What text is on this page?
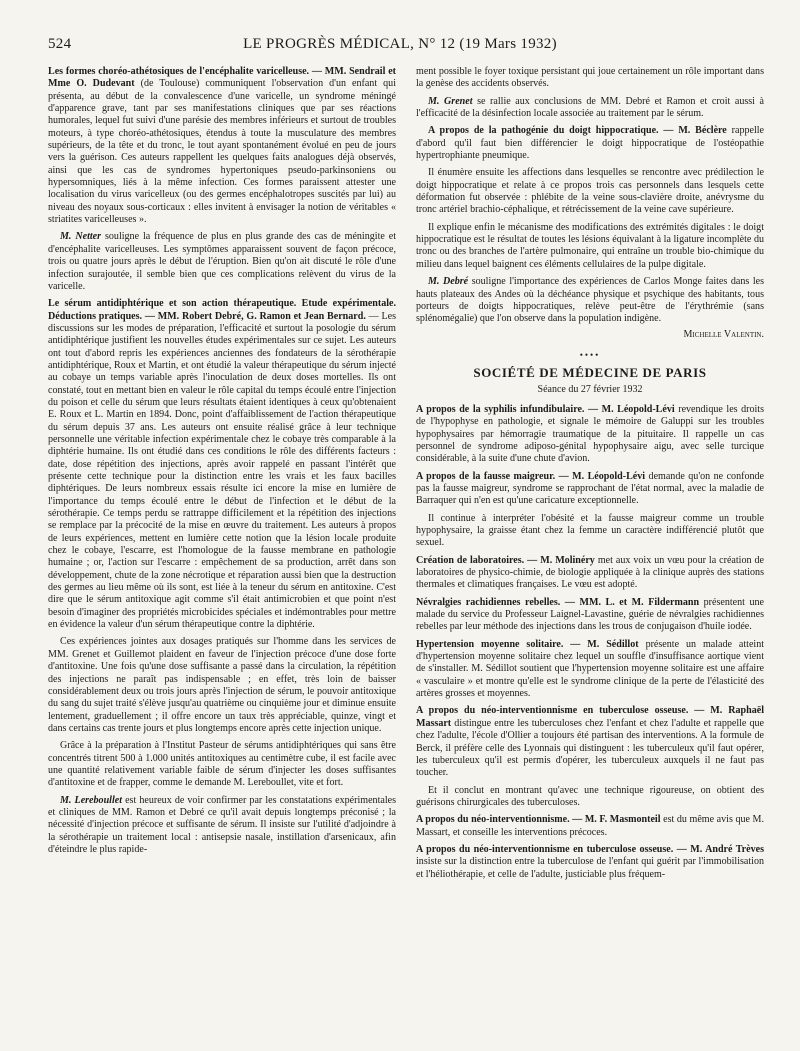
524	LE PROGRÈS MÉDICAL, N° 12 (19 Mars 1932)

Les formes choréo-athétosiques de l'encéphalite varicelleuse. — MM. Sendrail et Mme O. Dudevant (de Toulouse) communiquent l'observation d'un enfant qui présenta, au début de la convalescence d'une varicelle, un syndrome méningé d'apparence grave, tant par ses manifestations cliniques que par ses réactions humorales, lequel fut suivi d'une parésie des membres inférieurs et surtout de troubles moteurs, à type choréo-athétosiques, étendus à toute la musculature des membres supérieurs, de la tête et du tronc, le tout ayant spontanément évolué en peu de jours vers la guérison. Ces auteurs rappellent les quelques faits analogues déjà observés, ainsi que les cas de syndromes hypertoniques pseudo-parkinsoniens ou hypersomniques, liés à la même infection. Ces formes paraissent attester une localisation du virus varicelleux (ou des germes encéphalotropes suscités par lui) au niveau des noyaux sous-corticaux : elles invitent à envisager la notion de véritables « striatites varicelleuses ».

M. Netter souligne la fréquence de plus en plus grande des cas de méningite et d'encéphalite varicelleuses. Les symptômes apparaissent souvent de façon précoce, trois ou quatre jours après le début de l'éruption. Bien qu'on ait discuté le rôle d'une infection surajoutée, il semble bien que ces complications relèvent du virus de la varicelle.

Le sérum antidiphtérique et son action thérapeutique. Etude expérimentale. Déductions pratiques. — MM. Robert Debré, G. Ramon et Jean Bernard. — Les discussions sur les modes de préparation, l'efficacité et surtout la posologie du sérum antidiphtérique justifient les nouvelles études expérimentales sur ce sujet. Les auteurs ont tout d'abord repris les expériences anciennes des fondateurs de la sérothérapie antidiphtérique, Roux et Martin, et ont étudié la valeur thérapeutique du sérum injecté au cobaye un temps variable après l'inoculation de deux doses mortelles. Ils ont constaté, tout en mettant bien en valeur le rôle capital du temps écoulé entre l'injection du poison et celle du sérum que leurs résultats étaient identiques à ceux qu'obtenaient E. Roux et L. Martin en 1894. Donc, point d'affaiblissement de l'action thérapeutique du sérum depuis 37 ans. Les auteurs ont ensuite réalisé grâce à leur technique personnelle une véritable infection expérimentale chez le cobaye très comparable à la diphtérie humaine. Ils ont étudié dans ces conditions le rôle des différents facteurs : date, dose répétition des injections, après avoir rappelé en passant l'intérêt que présente cette technique pour la distinction entre les vrais et les faux bacilles diphtériques. De leurs nombreux essais résulte ici encore la mise en lumière de l'importance du temps écoulé entre le début de l'infection et le début de la sérothérapie. Ce temps perdu se rattrappe difficilement et la répétition des injections se remplace par la précocité de la mise en œuvre du traitement. Les auteurs à propos de leurs expériences, mettent en lumière cette notion que la lésion locale produite chez le cobaye, l'escarre, est l'homologue de la fausse membrane en pathologie humaine ; or, l'action sur l'escarre : empêchement de sa production, arrêt dans son développement, chute de la zone nécrotique et réparation aussi bien que la destruction des germes au lieu même où ils sont, est liée à la teneur du sérum en antitoxine. C'est dire que le sérum antitoxique agit comme s'il était antimicrobien et que point n'est besoin d'imaginer des propriétés microbicides spéciales et indémontrables pour mettre en évidence la valeur d'un sérum thérapeutique contre la diphtérie.

Ces expériences jointes aux dosages pratiqués sur l'homme dans les services de MM. Grenet et Guillemot plaident en faveur de l'injection précoce d'une dose forte d'antitoxine. Une fois qu'une dose suffisante a passé dans la circulation, la répétition des injections ne paraît pas indispensable ; en effet, très loin de baisser considérablement deux ou trois jours après l'injection de sérum, le pouvoir antitoxique du sang du sujet traité s'élève jusqu'au quatrième ou cinquième jour et diminue ensuite lentement, graduellement ; il offre encore un taux très appréciable, quinze, vingt et dans certains cas trente jours et plus longtemps encore après cette injection unique.

Grâce à la préparation à l'Institut Pasteur de sérums antidiphtériques qui sans être concentrés titrent 500 à 1.000 unités antitoxiques au centimètre cube, il est facile avec une quantité relativement variable faible de sérum d'injecter les doses suffisantes d'antitoxine et de frapper, comme le demande M. Lereboullet, vite et fort.

M. Lereboullet est heureux de voir confirmer par les constatations expérimentales et cliniques de MM. Ramon et Debré ce qu'il avait depuis longtemps préconisé ; la nécessité d'injection précoce et suffisante de sérum. Il insiste sur l'utilité d'adjoindre à la sérothérapie un traitement local : antisepsie nasale, instillation d'arsenicaux, afin d'éteindre le plus rapide-

ment possible le foyer toxique persistant qui joue certainement un rôle important dans la genèse des accidents observés.

M. Grenet se rallie aux conclusions de MM. Debré et Ramon et croit aussi à l'efficacité de la désinfection locale associée au traitement par le sérum.

A propos de la pathogénie du doigt hippocratique. — M. Béclère rappelle d'abord qu'il faut bien différencier le doigt hippocratique de l'ostéopathie hypertrophiante pneumique.

Il énumère ensuite les affections dans lesquelles se rencontre avec prédilection le doigt hippocratique et relate à ce propos trois cas personnels dans lesquels cette déformation fut observée : phlébite de la veine sous-clavière droite, anévrysme du tronc artériel brachio-céphalique, et rétrécissement de la veine cave supérieure.

Il explique enfin le mécanisme des modifications des extrémités digitales : le doigt hippocratique est le résultat de toutes les lésions équivalant à la ligature incomplète du tronc ou des branches de l'artère pulmonaire, qui entraîne un trouble bio-chimique du milieu dans lequel baignent ces éléments cellulaires de la pulpe digitale.

M. Debré souligne l'importance des expériences de Carlos Monge faites dans les hauts plateaux des Andes où la déchéance physique et psychique des habitants, tous porteurs de doigts hippocratiques, relève peut-être de l'érythrémie (sans splénomégalie) que l'on observe dans la population indigène.

Michelle Valentin.
••••
SOCIÉTÉ DE MÉDECINE DE PARIS
Séance du 27 février 1932

A propos de la syphilis infundibulaire. — M. Léopold-Lévi revendique les droits de l'hypophyse en pathologie, et signale le mémoire de Galuppi sur les troubles hypophysaires par hémorragie traumatique de la pituitaire. Il rappelle un cas personnel de syndrome adiposo-génital hypophysaire aigu, avec selle turcique considérable, à la suite d'une chute d'avion.

A propos de la fausse maigreur. — M. Léopold-Lévi demande qu'on ne confonde pas la fausse maigreur, syndrome se rapprochant de l'état normal, avec la maladie de Barraquer qui n'en est qu'une caricature exceptionnelle.

Il continue à interpréter l'obésité et la fausse maigreur comme un trouble hypophysaire, la graisse étant chez la femme un caractère indifférencié plutôt que sexuel.

Création de laboratoires. — M. Molinéry met aux voix un vœu pour la création de laboratoires de physico-chimie, de biologie appliquée à la clinique auprès des stations thermales et climatiques françaises. Le vœu est adopté.

Névralgies rachidiennes rebelles. — MM. L. et M. Fildermann présentent une malade du service du Professeur Laignel-Lavastine, guérie de névralgies rachidiennes rebelles par leur méthode des injections dans les trous de conjugaison d'huile iodée.

Hypertension moyenne solitaire. — M. Sédillot présente un malade atteint d'hypertension moyenne solitaire chez lequel un souffle d'insuffisance aortique vient de s'installer. M. Sédillot soutient que l'hypertension moyenne solitaire est une affaire « vasculaire » et montre qu'elle est le syndrome clinique de la perte de l'élasticité des artères grosses et moyennes.

A propos du néo-interventionnisme en tuberculose osseuse. — M. Raphaël Massart distingue entre les tuberculoses chez l'enfant et chez l'adulte et rappelle que chez l'adulte, l'école d'Ollier a toujours été partisan des interventions. A la formule de Berck, il préfère celle des Lyonnais qui distinguent : les tuberculeux qu'il faut opérer, les tuberculeux qu'il est permis d'opérer, les tuberculeux auxquels il ne faut pas toucher.

Et il conclut en montrant qu'avec une technique rigoureuse, on obtient des guérisons chirurgicales des tuberculoses.

A propos du néo-interventionnisme. — M. F. Masmonteil est du même avis que M. Massart, et conseille les interventions précoces.

A propos du néo-interventionnisme en tuberculose osseuse. — M. André Trèves insiste sur la distinction entre la tuberculose de l'enfant qui guérit par l'immobilisation et l'héliothérapie, et celle de l'adulte, justiciable plus fréquem-
